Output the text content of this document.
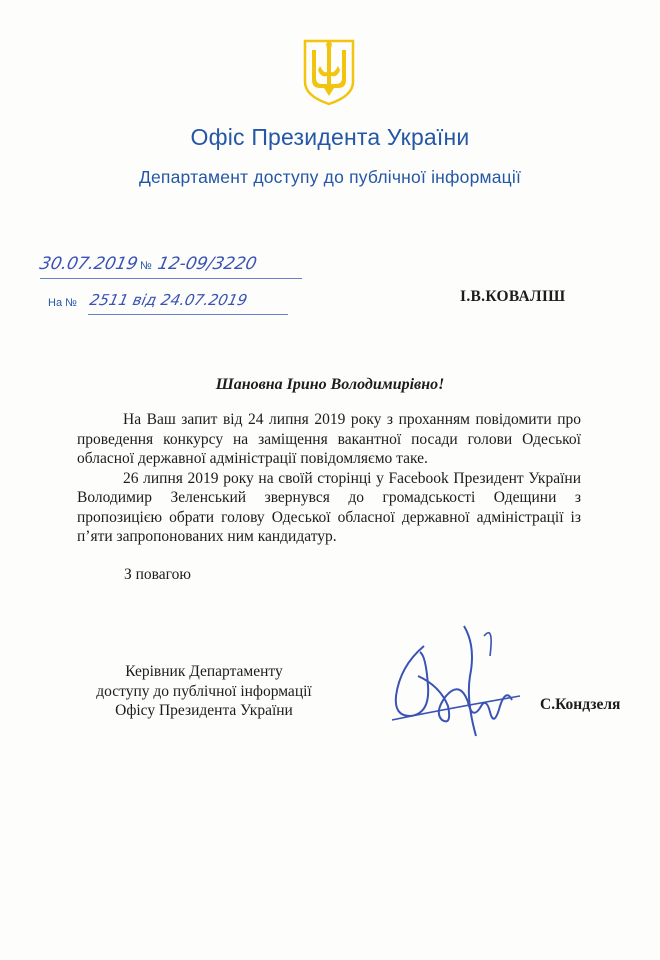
Офіс Президента України
Департамент доступу до публічної інформації
30.07.2019 № 12-09/3220
На № 2511 від 24.07.2019	І.В.КОВАЛІШ
Шановна Ірино Володимирівно!

На Ваш запит від 24 липня 2019 року з проханням повідомити про проведення конкурсу на заміщення вакантної посади голови Одеської обласної державної адміністрації повідомляємо таке.

26 липня 2019 року на своїй сторінці у Facebook Президент України Володимир Зеленський звернувся до громадськості Одещини з пропозицією обрати голову Одеської обласної державної адміністрації із п’яти запропонованих ним кандидатур.

З повагою
Керівник Департаменту
доступу до публічної інформації
Офісу Президента України	С.Кондзеля
